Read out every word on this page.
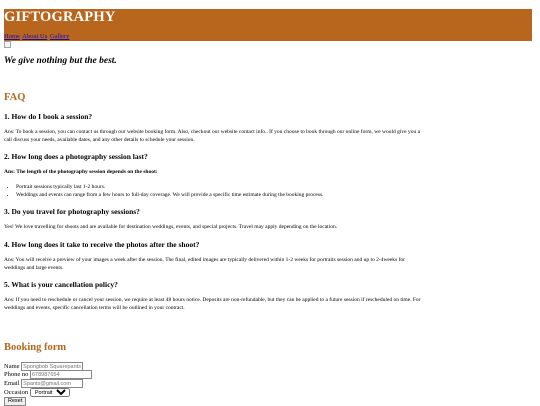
GIFTOGRAPHY
Home About Us Gallery

We give nothing but the best.

FAQ
1. How do I book a session?

Ans: To book a session, you can contact us through our website booking form. Also, checkout our website contact info.. If you choose to book through our online form, we would give you a call discuss your needs, available dates, and any other details to schedule your session.

2. How long does a photography session last?

Ans: The length of the photography session depends on the shoot:

• Portrait sessions typically last 1-2 hours.
• Weddings and events can range from a few hours to full-day coverage. We will provide a specific time estimate during the booking process.
3. Do you travel for photography sessions?

Yes! We love travelling for shoots and are available for destination weddings, events, and special projects. Travel may apply depending on the location.

4. How long does it take to receive the photos after the shoot?

Ans: You will receive a preview of your images a week after the session. The final, edited images are typically delivered within 1-2 weeks for portraits session and up to 2-4weeks for weddings and large events.

5. What is your cancellation policy?

Ans: If you need to reschedule or cancel your session, we require at least 48 hours notice. Deposits are non-refundable, but they can be applied to a future session if rescheduled on time. For weddings and events, specific cancellation terms will be outlined in your contract.

Booking form
Name Spongbob Squarepants
Phone no 678987654
Email Spants@gmail.com
Occasion
Portrait
Reset
